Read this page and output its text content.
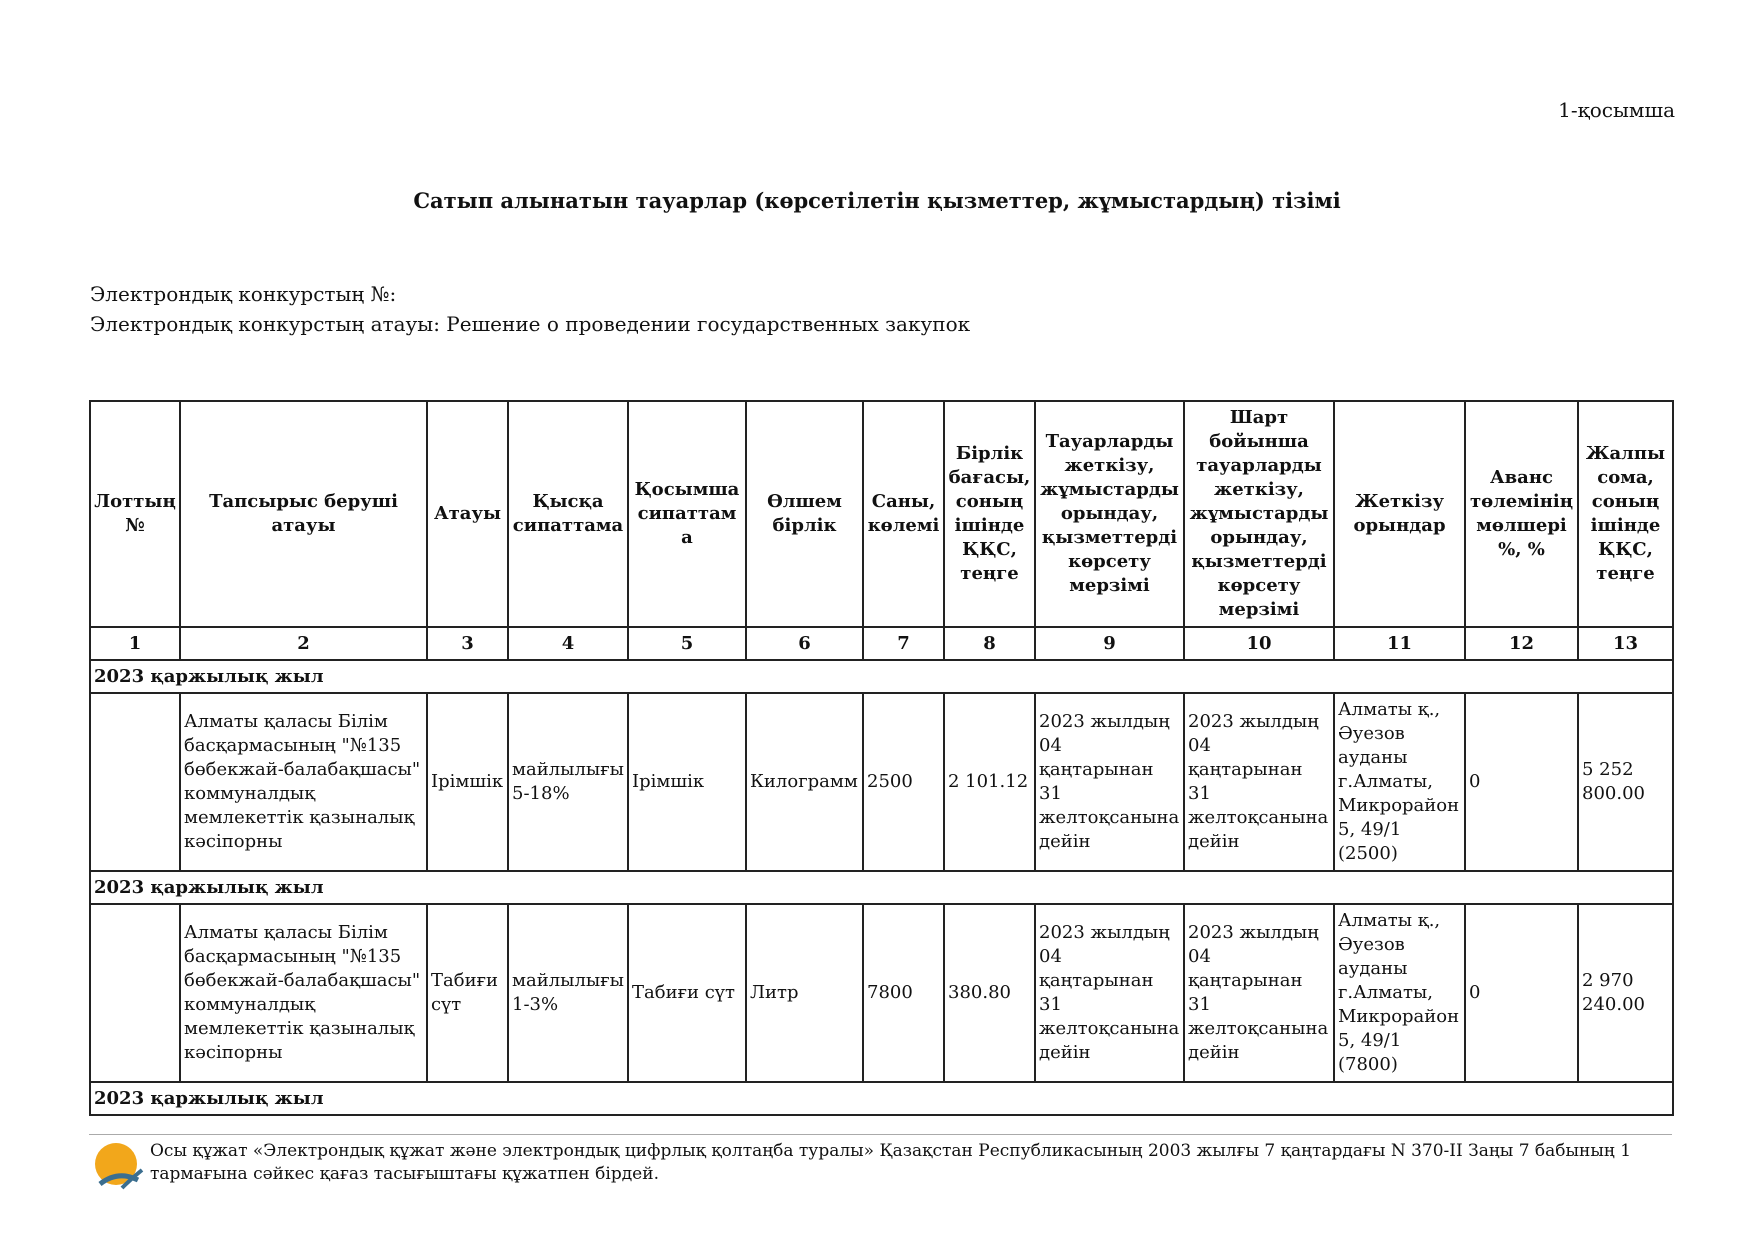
1-қосымша
Сатып алынатын тауарлар (көрсетілетін қызметтер, жұмыстардың) тізімі
Электрондық конкурстың №:
Электрондық конкурстың атауы: Решение о проведении государственных закупок
Лоттың №	Тапсырыс беруші атауы	Атауы	Қысқа сипаттама	Қосымша сипаттама	Өлшем бірлік	Саны, көлемі	Бірлік бағасы, соның ішінде ҚҚС, теңге	Тауарларды жеткізу, жұмыстарды орындау, қызметтерді көрсету мерзімі	Шарт бойынша тауарларды жеткізу, жұмыстарды орындау, қызметтерді көрсету мерзімі	Жеткізу орындар	Аванс төлемінің мөлшері %, %	Жалпы сома, соның ішінде ҚҚС, теңге
1	2	3	4	5	6	7	8	9	10	11	12	13
2023 қаржылық жыл												
	Алматы қаласы Білім басқармасының "№135 бөбекжай-балабақшасы" коммуналдық мемлекеттік қазыналық кәсіпорны	Ірімшік	майлылығы 5-18%	Ірімшік	Килограмм	2500	2 101.12	2023 жылдың 04 қаңтарынан 31 желтоқсанына дейін	2023 жылдың 04 қаңтарынан 31 желтоқсанына дейін	Алматы қ., Әуезов ауданы г.Алматы, Микрорайон 5, 49/1 (2500)	0	5 252 800.00
2023 қаржылық жыл												
	Алматы қаласы Білім басқармасының "№135 бөбекжай-балабақшасы" коммуналдық мемлекеттік қазыналық кәсіпорны	Табиғи сүт	майлылығы 1-3%	Табиғи сүт	Литр	7800	380.80	2023 жылдың 04 қаңтарынан 31 желтоқсанына дейін	2023 жылдың 04 қаңтарынан 31 желтоқсанына дейін	Алматы қ., Әуезов ауданы г.Алматы, Микрорайон 5, 49/1 (7800)	0	2 970 240.00
2023 қаржылық жыл												
Осы құжат «Электрондық құжат және электрондық цифрлық қолтаңба туралы» Қазақстан Республикасының 2003 жылғы 7 қаңтардағы N 370-II Заңы 7 бабының 1 тармағына сәйкес қағаз тасығыштағы құжатпен бірдей.
